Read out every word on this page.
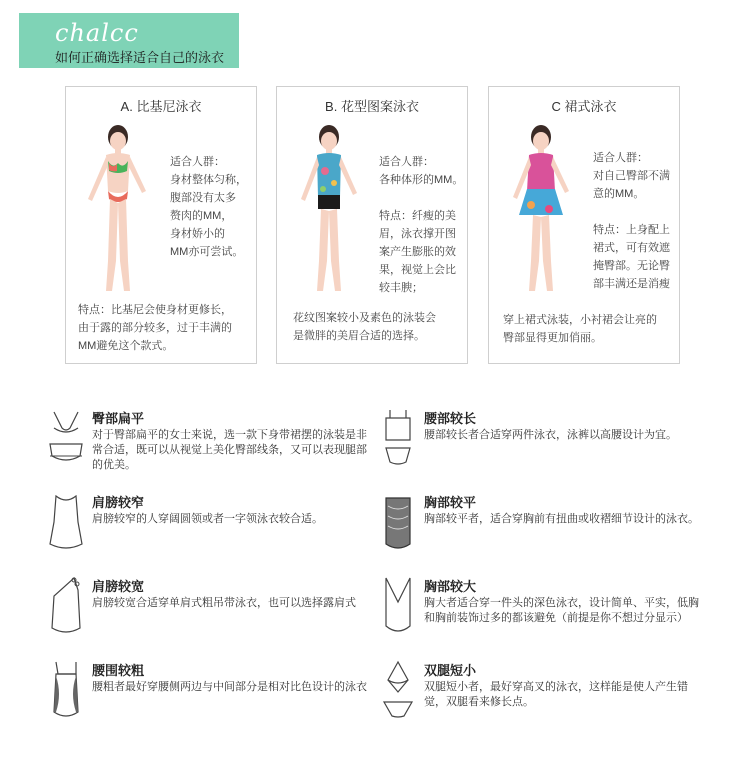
chalcc
如何正确选择适合自己的泳衣
A. 比基尼泳衣
适合人群：
身材整体匀称，
腹部没有太多
赘肉的MM，
身材娇小的
MM亦可尝试。
特点：比基尼会使身材更修长，
由于露的部分较多，过于丰满的
MM避免这个款式。
B. 花型图案泳衣
适合人群：
各种体形的MM。
特点：纤瘦的美
眉，泳衣撑开图
案产生膨胀的效
果，视觉上会比
较丰腴；
花纹图案较小及素色的泳装会
是微胖的美眉合适的选择。
C 裙式泳衣
适合人群：
对自己臀部不满
意的MM。
特点：上身配上
裙式，可有效遮
掩臀部。无论臀
部丰满还是消瘦
穿上裙式泳装，小衬裙会让亮的
臀部显得更加俏丽。
臀部扁平
对于臀部扁平的女士来说，选一款下身带裙摆的泳装是非常合适，既可以从视觉上美化臀部线条，又可以表现腿部的优美。
腰部较长
腰部较长者合适穿两件泳衣，泳裤以高腰设计为宜。
肩膀较窄
肩膀较窄的人穿阔圆领或者一字领泳衣较合适。
胸部较平
胸部较平者，适合穿胸前有扭曲或收褶细节设计的泳衣。
肩膀较宽
肩膀较宽合适穿单肩式粗吊带泳衣，也可以选择露肩式
胸部较大
胸大者适合穿一件头的深色泳衣，设计简单、平实，低胸和胸前装饰过多的都该避免（前提是你不想过分显示）
腰围较粗
腰粗者最好穿腰侧两边与中间部分是相对比色设计的泳衣
双腿短小
双腿短小者，最好穿高叉的泳衣，这样能是使人产生错觉，双腿看来修长点。
